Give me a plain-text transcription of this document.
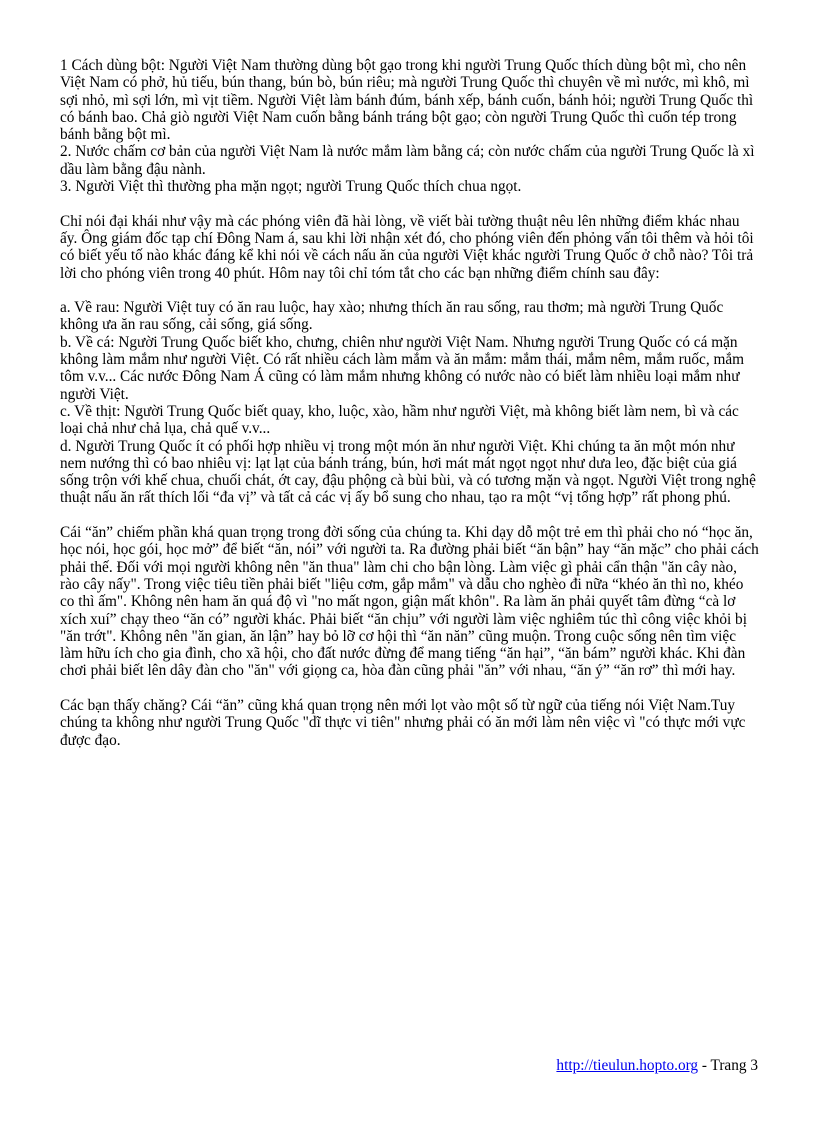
1 Cách dùng bột: Người Việt Nam thường dùng bột gạo trong khi người Trung Quốc thích dùng bột mì, cho nên Việt Nam có phở, hủ tiếu, bún thang, bún bò, bún riêu; mà người Trung Quốc thì chuyên về mì nước, mì khô, mì sợi nhỏ, mì sợi lớn, mì vịt tiềm. Người Việt làm bánh đúm, bánh xếp, bánh cuốn, bánh hỏi; người Trung Quốc thì có bánh bao. Chả giò người Việt Nam cuốn bằng bánh tráng bột gạo; còn người Trung Quốc thì cuốn tép trong bánh bằng bột mì.

2. Nước chấm cơ bản của người Việt Nam là nước mắm làm bằng cá; còn nước chấm của người Trung Quốc là xì dầu làm bằng đậu nành.

3. Người Việt thì thường pha mặn ngọt; người Trung Quốc thích chua ngọt.

Chỉ nói đại khái như vậy mà các phóng viên đã hài lòng, về viết bài tường thuật nêu lên những điểm khác nhau ấy. Ông giám đốc tạp chí Đông Nam á, sau khi lời nhận xét đó, cho phóng viên đến phỏng vấn tôi thêm và hỏi tôi có biết yếu tố nào khác đáng kể khi nói về cách nấu ăn của người Việt khác người Trung Quốc ở chỗ nào? Tôi trả lời cho phóng viên trong 40 phút. Hôm nay tôi chỉ tóm tắt cho các bạn những điểm chính sau đây:

a. Về rau: Người Việt tuy có ăn rau luộc, hay xào; nhưng thích ăn rau sống, rau thơm; mà người Trung Quốc không ưa ăn rau sống, cải sống, giá sống.

b. Về cá: Người Trung Quốc biết kho, chưng, chiên như người Việt Nam. Nhưng người Trung Quốc có cá mặn không làm mắm như người Việt. Có rất nhiều cách làm mắm và ăn mắm: mắm thái, mắm nêm, mắm ruốc, mắm tôm v.v... Các nước Đông Nam Á cũng có làm mắm nhưng không có nước nào có biết làm nhiều loại mắm như người Việt.

c. Về thịt: Người Trung Quốc biết quay, kho, luộc, xào, hầm như người Việt, mà không biết làm nem, bì và các loại chả như chả lụa, chả quế v.v...

d. Người Trung Quốc ít có phối hợp nhiều vị trong một món ăn như người Việt. Khi chúng ta ăn một món như nem nướng thì có bao nhiêu vị: lạt lạt của bánh tráng, bún, hơi mát mát ngọt ngọt như dưa leo, đặc biệt của giá sống trộn với khế chua, chuối chát, ớt cay, đậu phộng cà bùi bùi, và có tương mặn và ngọt. Người Việt trong nghệ thuật nấu ăn rất thích lối “đa vị” và tất cả các vị ấy bổ sung cho nhau, tạo ra một “vị tổng hợp” rất phong phú.

Cái “ăn” chiếm phần khá quan trọng trong đời sống của chúng ta. Khi dạy dỗ một trẻ em thì phải cho nó “học ăn, học nói, học gói, học mở” để biết “ăn, nói” với người ta. Ra đường phải biết “ăn bận” hay “ăn mặc” cho phải cách phải thế. Đối với mọi người không nên "ăn thua" làm chi cho bận lòng. Làm việc gì phải cẩn thận "ăn cây nào, rào cây nấy". Trong việc tiêu tiền phải biết "liệu cơm, gắp mắm" và dẫu cho nghèo đi nữa “khéo ăn thì no, khéo co thì ấm". Không nên ham ăn quá độ vì "no mất ngon, giận mất khôn". Ra làm ăn phải quyết tâm đừng “cà lơ xích xuí” chạy theo “ăn có” người khác. Phải biết “ăn chịu” với người làm việc nghiêm túc thì công việc khỏi bị "ăn trớt". Không nên "ăn gian, ăn lận” hay bỏ lỡ cơ hội thì “ăn năn” cũng muộn. Trong cuộc sống nên tìm việc làm hữu ích cho gia đình, cho xã hội, cho đất nước đừng để mang tiếng “ăn hại”, “ăn bám” người khác. Khi đàn chơi phải biết lên dây đàn cho "ăn" với giọng ca, hòa đàn cũng phải "ăn” với nhau, “ăn ý” “ăn rơ” thì mới hay.

Các bạn thấy chăng? Cái “ăn” cũng khá quan trọng nên mới lọt vào một số từ ngữ của tiếng nói Việt Nam.Tuy chúng ta không như người Trung Quốc "dĩ thực vi tiên" nhưng phải có ăn mới làm nên việc vì "có thực mới vực được đạo.

http://tieulun.hopto.org - Trang 3
